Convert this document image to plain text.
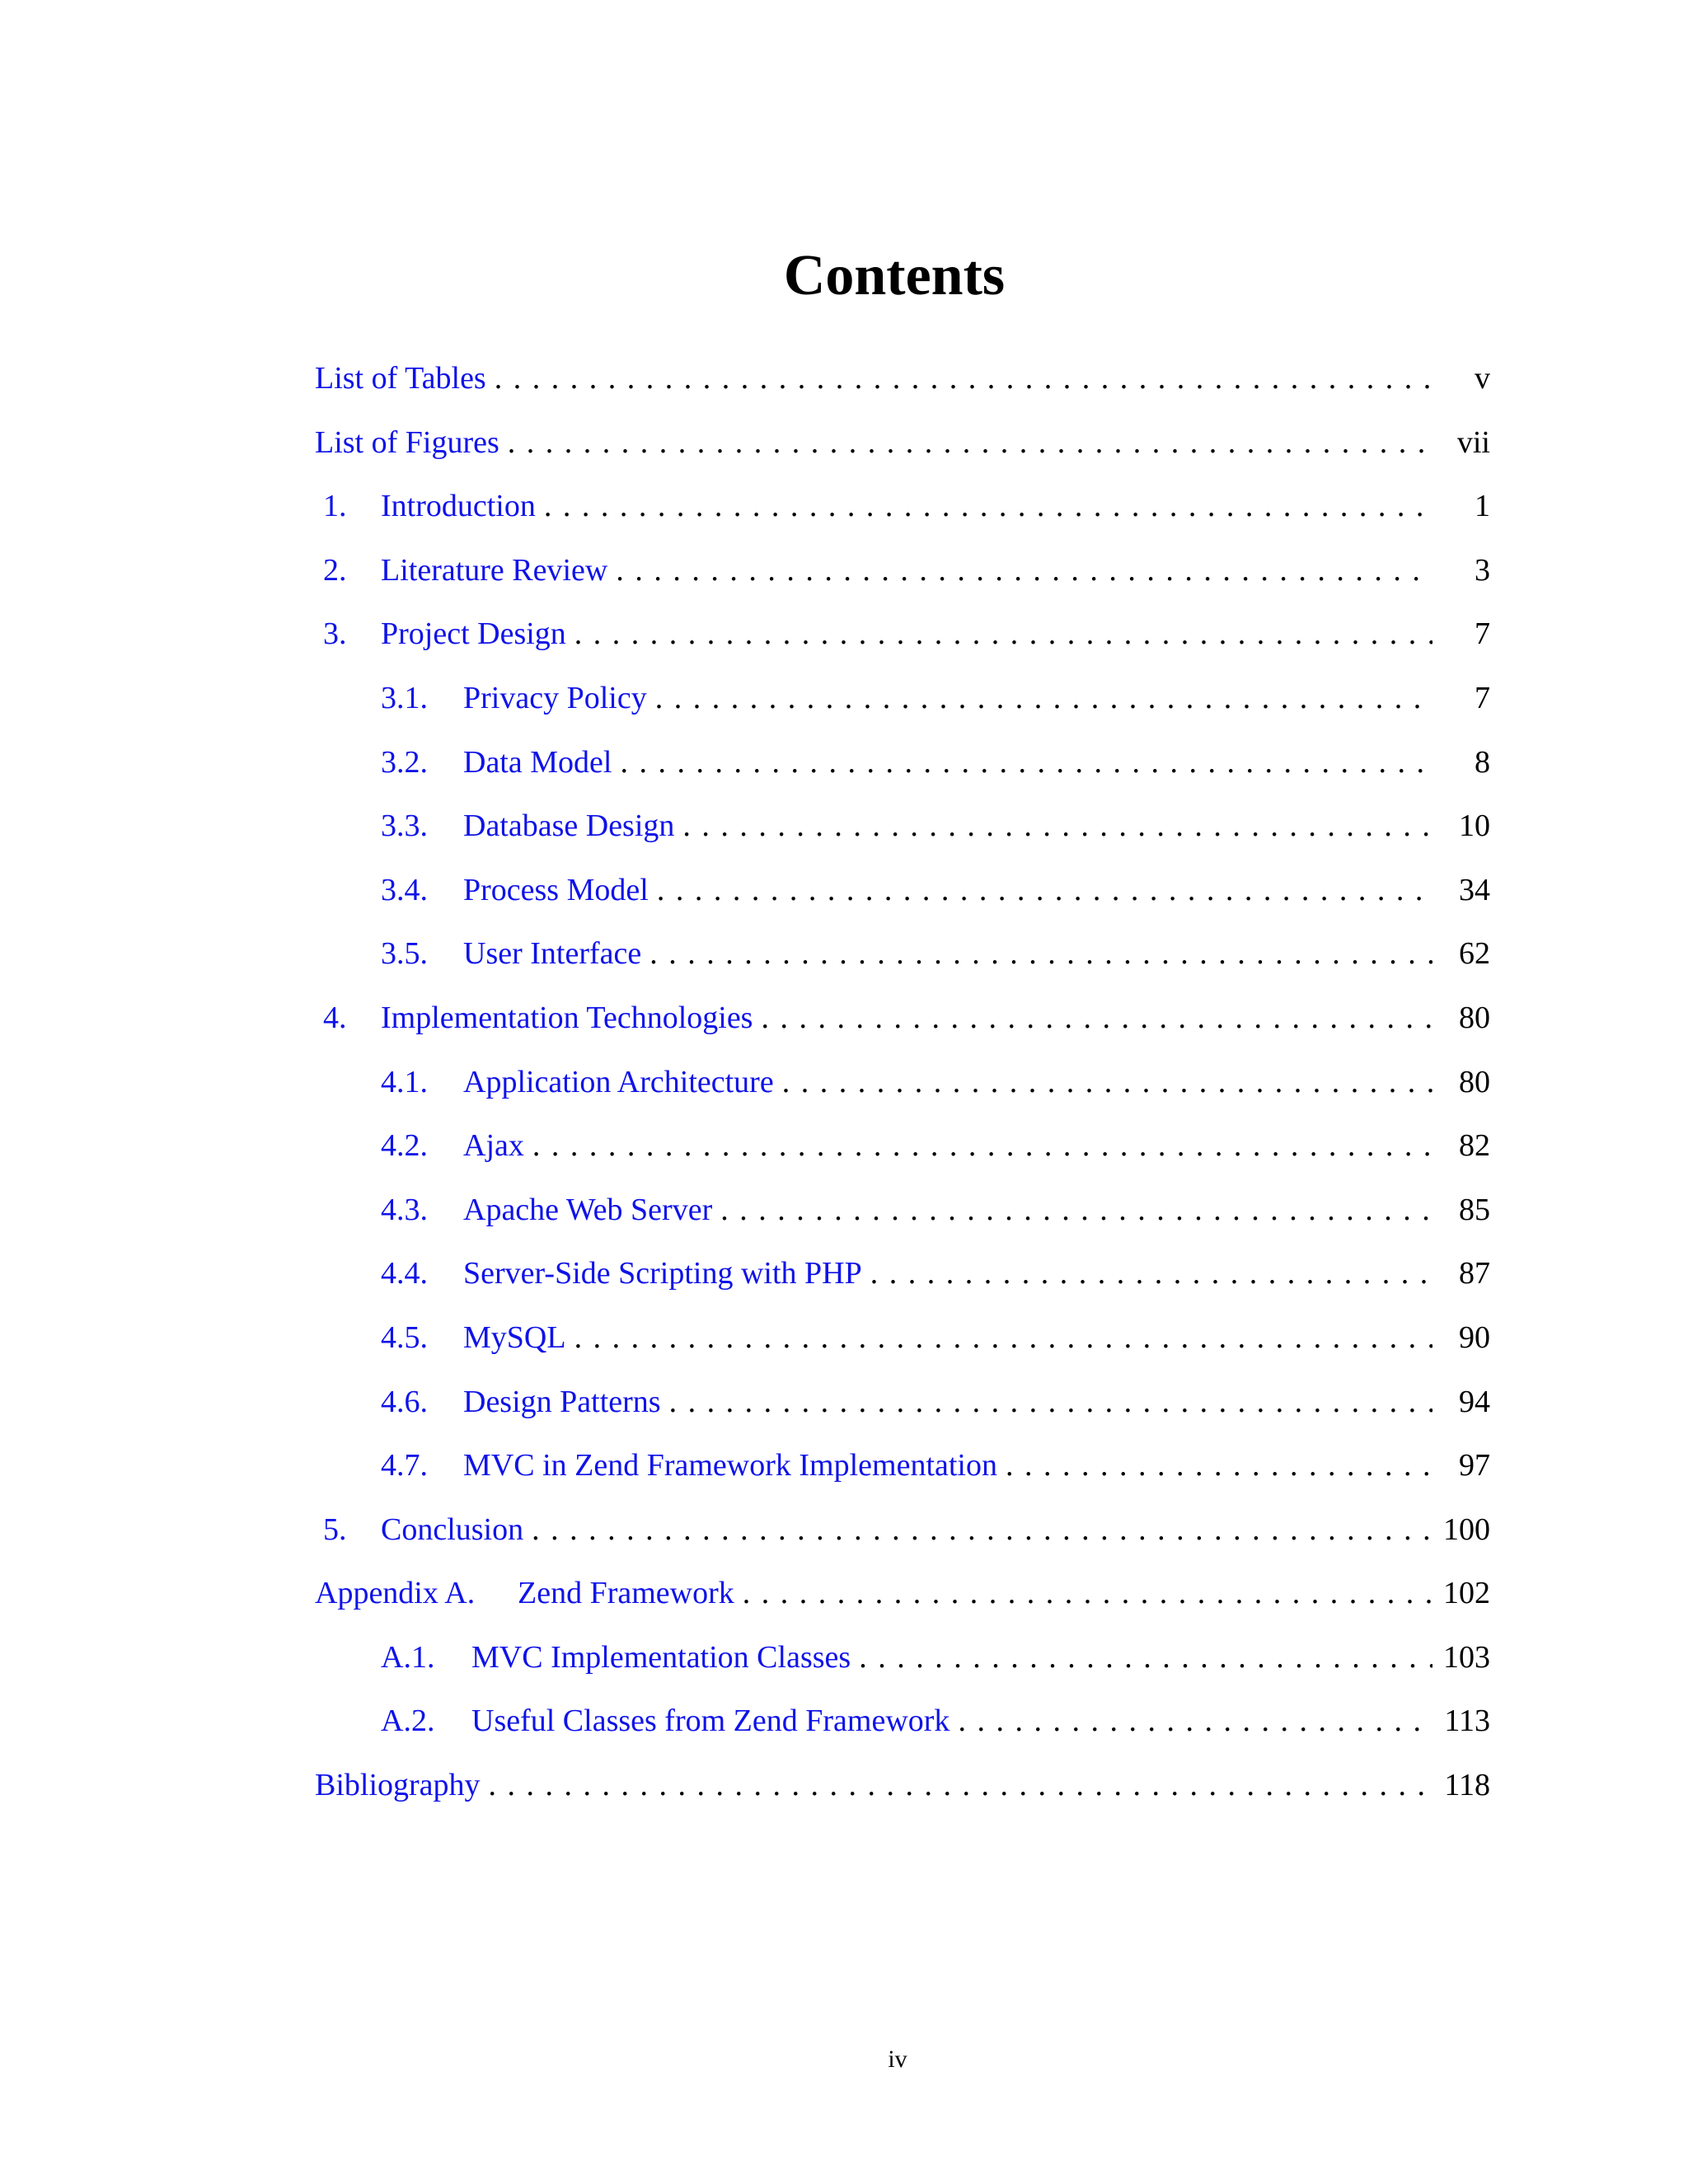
Contents
List of Tables . . .	v
List of Figures . . .	vii
1.	Introduction . . .	1
2.	Literature Review . . .	3
3.	Project Design . . .	7
3.1.	Privacy Policy . . .	7
3.2.	Data Model . . .	8
3.3.	Database Design . . .	10
3.4.	Process Model . . .	34
3.5.	User Interface . . .	62
4.	Implementation Technologies . . .	80
4.1.	Application Architecture . . .	80
4.2.	Ajax . . .	82
4.3.	Apache Web Server . . .	85
4.4.	Server-Side Scripting with PHP . . .	87
4.5.	MySQL . . .	90
4.6.	Design Patterns . . .	94
4.7.	MVC in Zend Framework Implementation . . .	97
5.	Conclusion . . .	100
Appendix A.	Zend Framework . . .	102
A.1.	MVC Implementation Classes . . .	103
A.2.	Useful Classes from Zend Framework . . .	113
Bibliography . . .	118
iv
